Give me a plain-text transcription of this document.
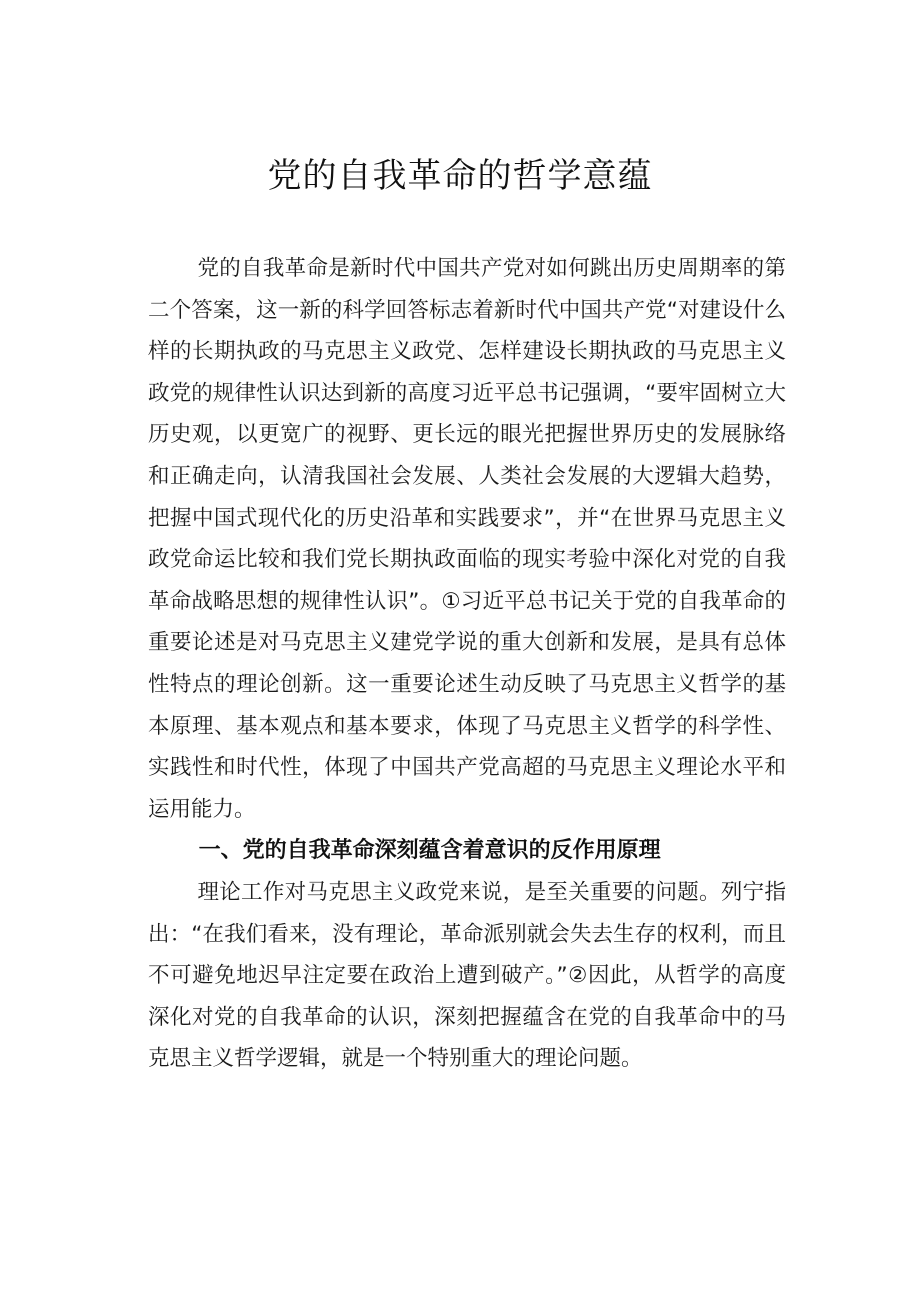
党的自我革命的哲学意蕴

党的自我革命是新时代中国共产党对如何跳出历史周期率的第二个答案，这一新的科学回答标志着新时代中国共产党“对建设什么样的长期执政的马克思主义政党、怎样建设长期执政的马克思主义政党的规律性认识达到新的高度习近平总书记强调，“要牢固树立大历史观，以更宽广的视野、更长远的眼光把握世界历史的发展脉络和正确走向，认清我国社会发展、人类社会发展的大逻辑大趋势，把握中国式现代化的历史沿革和实践要求”，并“在世界马克思主义政党命运比较和我们党长期执政面临的现实考验中深化对党的自我革命战略思想的规律性认识”。①习近平总书记关于党的自我革命的重要论述是对马克思主义建党学说的重大创新和发展，是具有总体性特点的理论创新。这一重要论述生动反映了马克思主义哲学的基本原理、基本观点和基本要求，体现了马克思主义哲学的科学性、实践性和时代性，体现了中国共产党高超的马克思主义理论水平和运用能力。

一、党的自我革命深刻蕴含着意识的反作用原理

理论工作对马克思主义政党来说，是至关重要的问题。列宁指出：“在我们看来，没有理论，革命派别就会失去生存的权利，而且不可避免地迟早注定要在政治上遭到破产。”②因此，从哲学的高度深化对党的自我革命的认识，深刻把握蕴含在党的自我革命中的马克思主义哲学逻辑，就是一个特别重大的理论问题。
